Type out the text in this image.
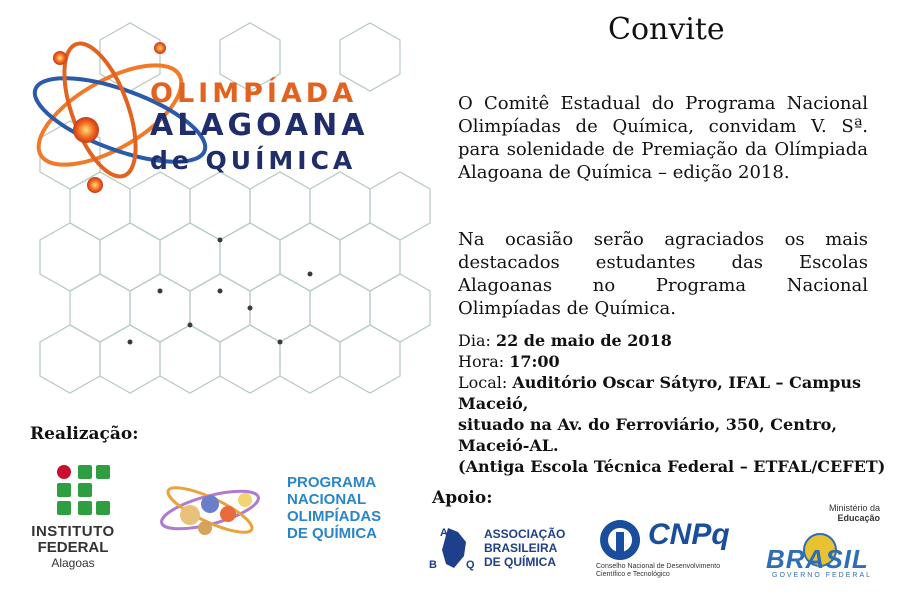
OLIMPÍADA
ALAGOANA
de QUÍMICA
Convite
O Comitê Estadual do Programa Nacional Olimpíadas de Química, convidam V. Sª. para solenidade de Premiação da Olímpiada Alagoana de Química – edição 2018.
Na ocasião serão agraciados os mais destacados estudantes das Escolas Alagoanas no Programa Nacional Olimpíadas de Química.
Dia: 22 de maio de 2018
Hora: 17:00
Local: Auditório Oscar Sátyro, IFAL – Campus Maceió,
situado na Av. do Ferroviário, 350, Centro, Maceió-AL.
(Antiga Escola Técnica Federal – ETFAL/CEFET)
Realização:
INSTITUTO
FEDERAL
Alagoas
PROGRAMA
NACIONAL
OLIMPÍADAS
DE QUÍMICA
Apoio:
A
B	Q
ASSOCIAÇÃO
BRASILEIRA
DE QUÍMICA
CNPq
Conselho Nacional de Desenvolvimento
Científico e Tecnológico
Ministério da
Educação
BRASIL
GOVERNO FEDERAL
